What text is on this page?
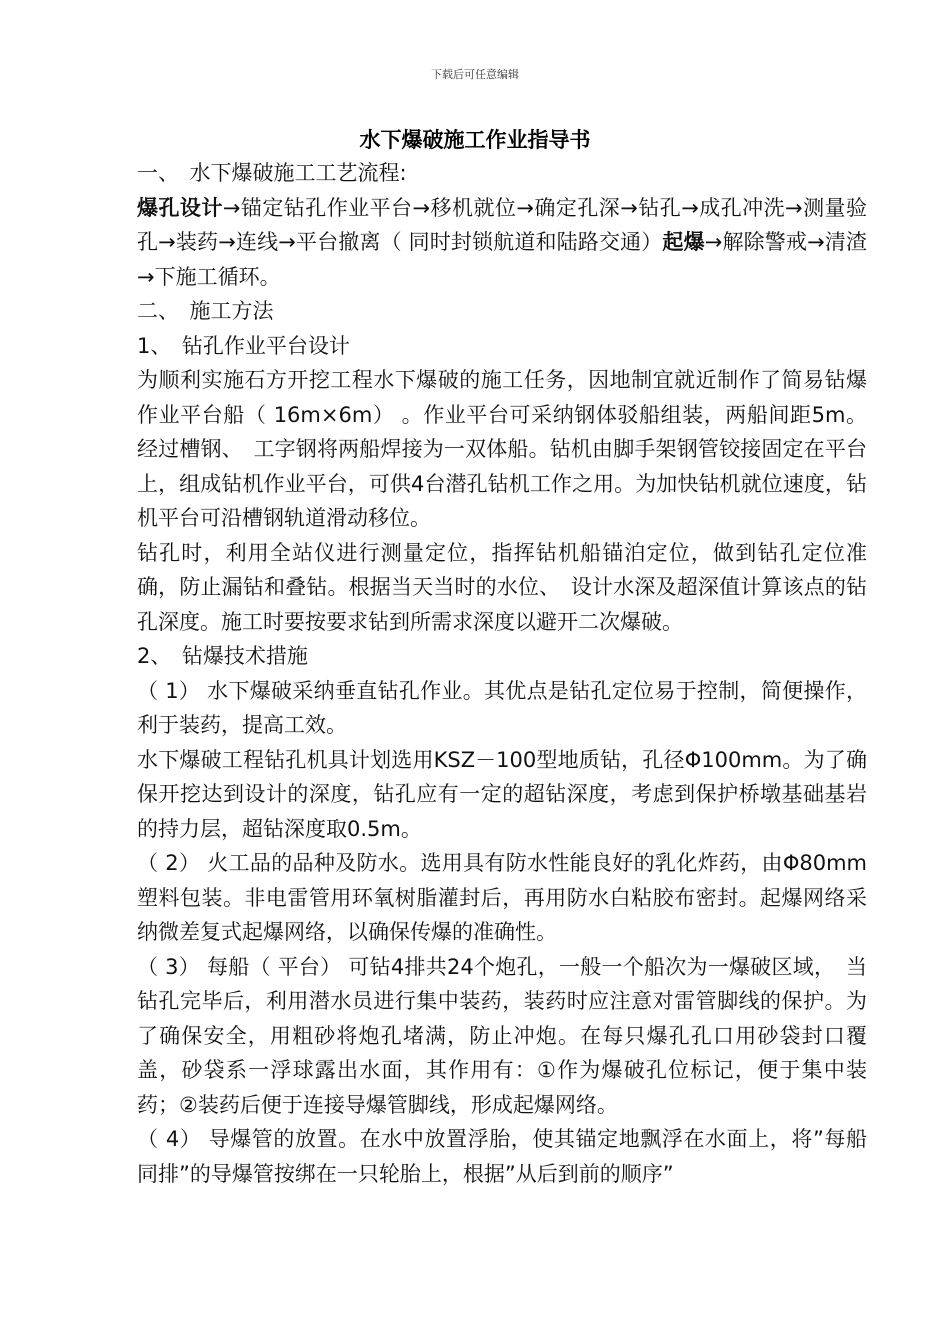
下载后可任意编辑
水下爆破施工作业指导书

一、　水下爆破施工工艺流程:

爆孔设计→锚定钻孔作业平台→移机就位→确定孔深→钻孔→成孔冲洗→测量验孔→装药→连线→平台撤离（ 同时封锁航道和陆路交通）起爆→解除警戒→清渣→下施工循环。

二、　施工方法

1、　钻孔作业平台设计

为顺利实施石方开挖工程水下爆破的施工任务，因地制宜就近制作了简易钻爆作业平台船（ 16m×6m） 。作业平台可采纳钢体驳船组装，两船间距5m。经过槽钢、　工字钢将两船焊接为一双体船。钻机由脚手架钢管铰接固定在平台上，组成钻机作业平台，可供4台潜孔钻机工作之用。为加快钻机就位速度，钻机平台可沿槽钢轨道滑动移位。

钻孔时，利用全站仪进行测量定位，指挥钻机船锚泊定位，做到钻孔定位准确，防止漏钻和叠钻。根据当天当时的水位、　设计水深及超深值计算该点的钻孔深度。施工时要按要求钻到所需求深度以避开二次爆破。

2、　钻爆技术措施

（ 1） 水下爆破采纳垂直钻孔作业。其优点是钻孔定位易于控制，简便操作，利于装药，提高工效。

水下爆破工程钻孔机具计划选用KSZ－100型地质钻，孔径Φ100mm。为了确保开挖达到设计的深度，钻孔应有一定的超钻深度，考虑到保护桥墩基础基岩的持力层，超钻深度取0.5m。

（ 2） 火工品的品种及防水。选用具有防水性能良好的乳化炸药，由Φ80mm塑料包装。非电雷管用环氧树脂灌封后，再用防水白粘胶布密封。起爆网络采纳微差复式起爆网络，以确保传爆的准确性。

（ 3） 每船（ 平台） 可钻4排共24个炮孔，一般一个船次为一爆破区域，　当钻孔完毕后，利用潜水员进行集中装药，装药时应注意对雷管脚线的保护。为了确保安全，用粗砂将炮孔堵满，防止冲炮。在每只爆孔孔口用砂袋封口覆盖，砂袋系一浮球露出水面，其作用有：①作为爆破孔位标记，便于集中装药；②装药后便于连接导爆管脚线，形成起爆网络。

（ 4） 导爆管的放置。在水中放置浮胎，使其锚定地飘浮在水面上，将”每船同排”的导爆管按绑在一只轮胎上，根据”从后到前的顺序”
